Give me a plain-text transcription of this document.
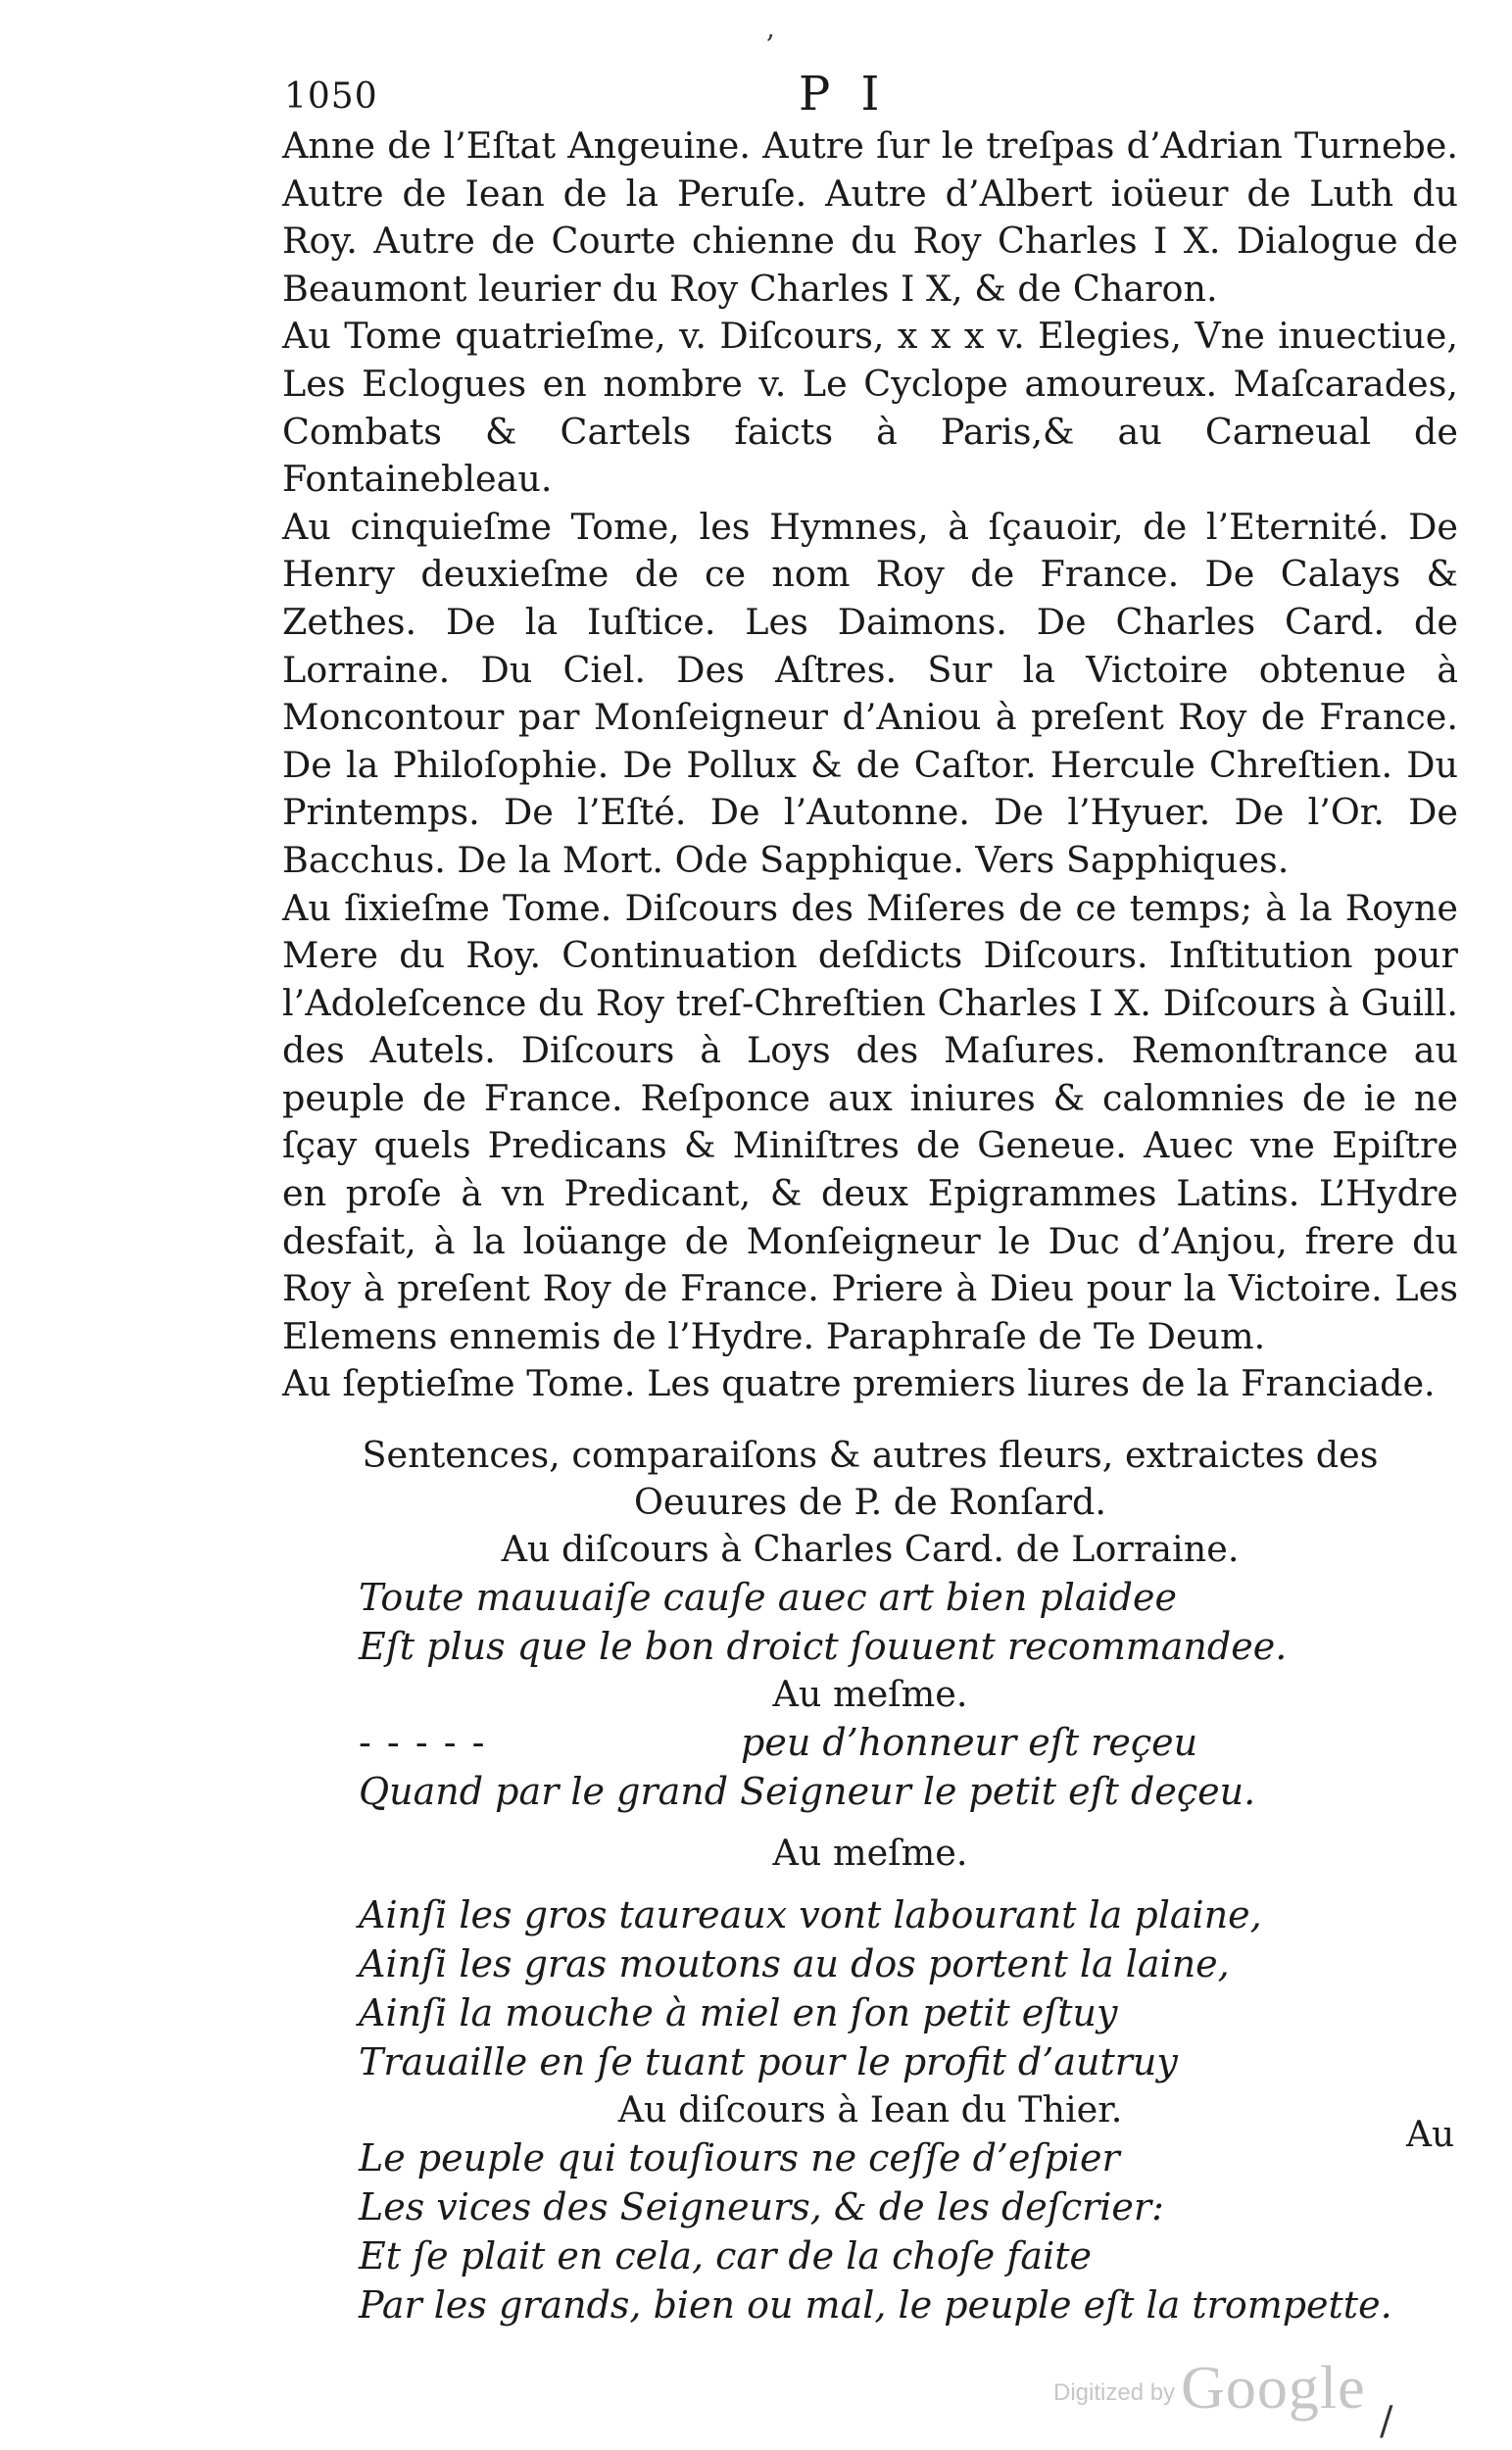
1050	P I

Anne de l’Eſtat Angeuine. Autre ſur le treſpas d’Adrian Turnebe. Autre de Iean de la Peruſe. Autre d’Albert ioüeur de Luth du Roy. Autre de Courte chienne du Roy Charles I X. Dialogue de Beaumont leurier du Roy Charles I X, & de Charon.

Au Tome quatrieſme, v. Diſcours, x x x v. Elegies, Vne inuectiue, Les Eclogues en nombre v. Le Cyclope amoureux. Maſcarades, Combats & Cartels faicts à Paris,& au Carneual de Fontainebleau.

Au cinquieſme Tome, les Hymnes, à ſçauoir, de l’Eternité. De Henry deuxieſme de ce nom Roy de France. De Calays & Zethes. De la Iuſtice. Les Daimons. De Charles Card. de Lorraine. Du Ciel. Des Aſtres. Sur la Victoire obtenue à Moncontour par Monſeigneur d’Aniou à preſent Roy de France. De la Philoſophie. De Pollux & de Caſtor. Hercule Chreſtien. Du Printemps. De l’Eſté. De l’Autonne. De l’Hyuer. De l’Or. De Bacchus. De la Mort. Ode Sapphique. Vers Sapphiques.

Au ſixieſme Tome. Diſcours des Miſeres de ce temps; à la Royne Mere du Roy. Continuation deſdicts Diſcours. Inſtitution pour l’Adoleſcence du Roy treſ-Chreſtien Charles I X. Diſcours à Guill. des Autels. Diſcours à Loys des Maſures. Remonſtrance au peuple de France. Reſponce aux iniures & calomnies de ie ne ſçay quels Predicans & Miniſtres de Geneue. Auec vne Epiſtre en proſe à vn Predicant, & deux Epigrammes Latins. L’Hydre desfait, à la loüange de Monſeigneur le Duc d’Anjou, frere du Roy à preſent Roy de France. Priere à Dieu pour la Victoire. Les Elemens ennemis de l’Hydre. Paraphraſe de Te Deum.

Au ſeptieſme Tome. Les quatre premiers liures de la Franciade.

Sentences, comparaiſons & autres fleurs, extraictes des

Oeuures de P. de Ronſard.

Au diſcours à Charles Card. de Lorraine.

Toute mauuaiſe cauſe auec art bien plaidee

Eſt plus que le bon droict ſouuent recommandee.

Au meſme.

- - - - -	peu d’honneur eſt reçeu

Quand par le grand Seigneur le petit eſt deçeu.

Au meſme.

Ainſi les gros taureaux vont labourant la plaine,

Ainſi les gras moutons au dos portent la laine,

Ainſi la mouche à miel en ſon petit eſtuy

Trauaille en ſe tuant pour le profit d’autruy

Au diſcours à Iean du Thier.

Le peuple qui touſiours ne ceſſe d’eſpier

Les vices des Seigneurs, & de les deſcrier:

Et ſe plait en cela, car de la choſe faite

Par les grands, bien ou mal, le peuple eſt la trompette.

Au
Digitized byGoogle
,
/
